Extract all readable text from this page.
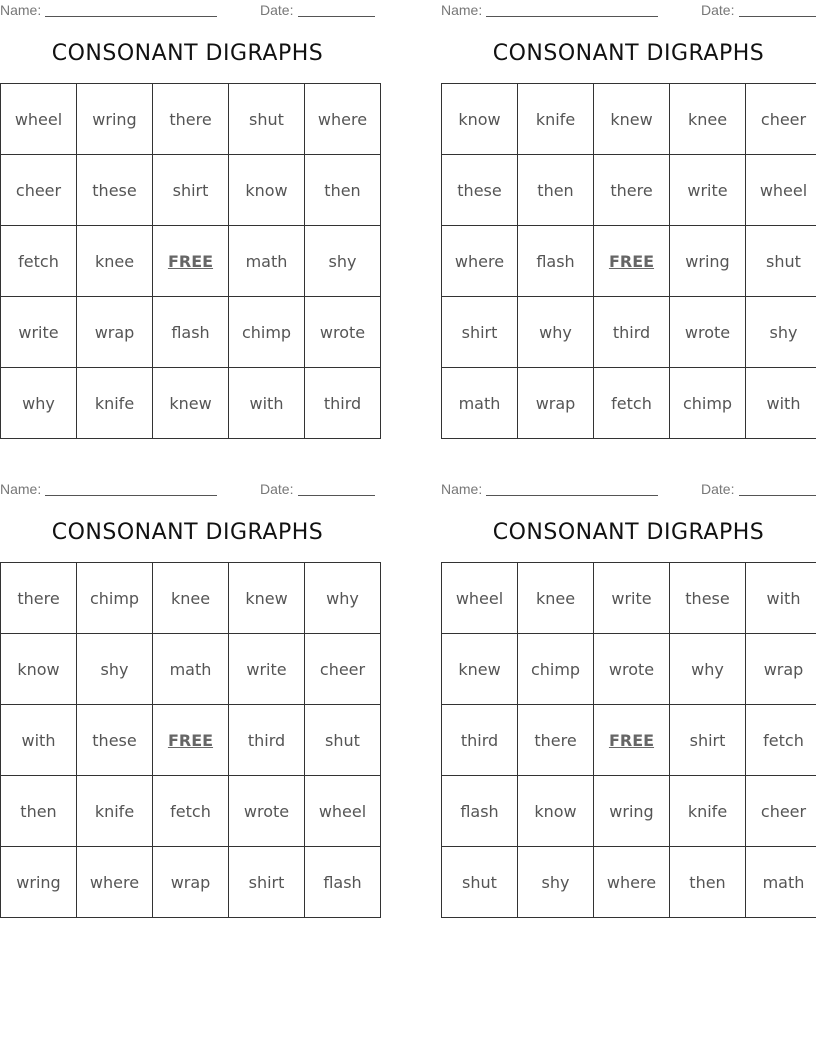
Name:	Date:
CONSONANT DIGRAPHS
wheel	wring	there	shut	where
cheer	these	shirt	know	then
fetch	knee	FREE	math	shy
write	wrap	flash	chimp	wrote
why	knife	knew	with	third
Name:	Date:
CONSONANT DIGRAPHS
know	knife	knew	knee	cheer
these	then	there	write	wheel
where	flash	FREE	wring	shut
shirt	why	third	wrote	shy
math	wrap	fetch	chimp	with
Name:	Date:
CONSONANT DIGRAPHS
there	chimp	knee	knew	why
know	shy	math	write	cheer
with	these	FREE	third	shut
then	knife	fetch	wrote	wheel
wring	where	wrap	shirt	flash
Name:	Date:
CONSONANT DIGRAPHS
wheel	knee	write	these	with
knew	chimp	wrote	why	wrap
third	there	FREE	shirt	fetch
flash	know	wring	knife	cheer
shut	shy	where	then	math
